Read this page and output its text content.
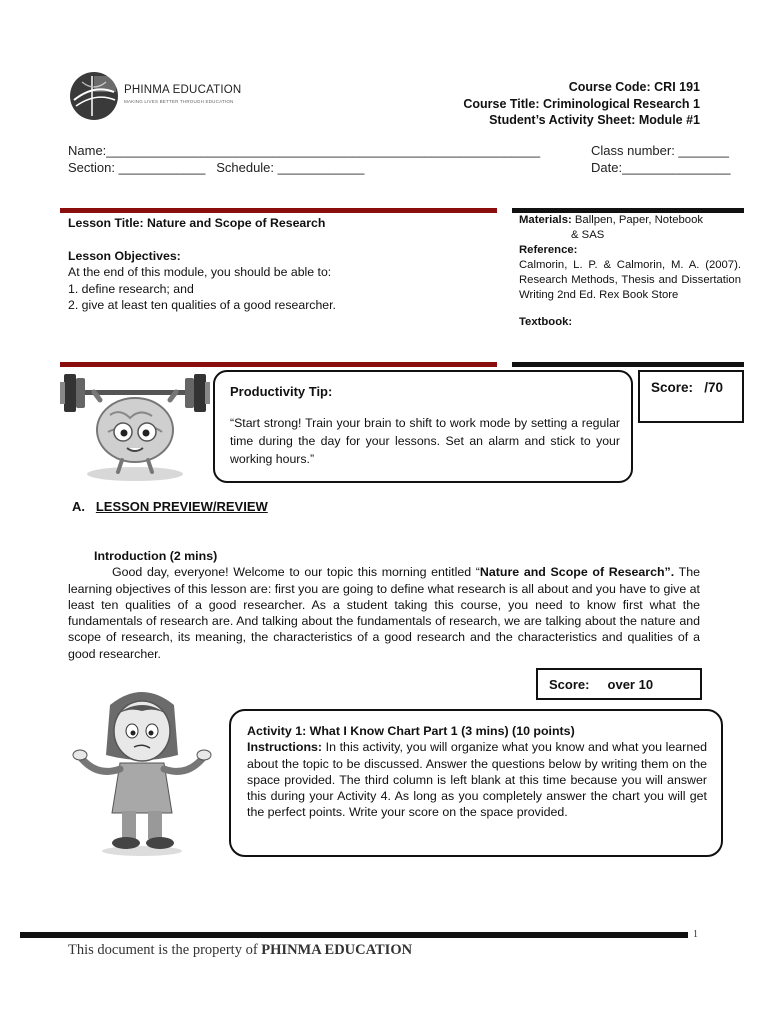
PHINMA EDUCATION
MAKING LIVES BETTER THROUGH EDUCATION
Course Code: CRI 191
Course Title: Criminological Research 1
Student’s Activity Sheet: Module #1
Name:____________________________________________________________	Class number: _______
Section: ____________ Schedule: ____________	Date:_______________
Lesson Title: Nature and Scope of Research
Lesson Objectives:
At the end of this module, you should be able to:
1. define research; and
2. give at least ten qualities of a good researcher.
Materials: Ballpen, Paper, Notebook
& SAS
Reference:
Calmorin, L. P. & Calmorin, M. A. (2007). Research Methods, Thesis and Dissertation Writing 2nd Ed. Rex Book Store
Textbook:
Productivity Tip:
“Start strong! Train your brain to shift to work mode by setting a regular time during the day for your lessons. Set an alarm and stick to your working hours.”
Score: /70
A. LESSON PREVIEW/REVIEW
Introduction (2 mins)
Good day, everyone! Welcome to our topic this morning entitled “Nature and Scope of Research”. The learning objectives of this lesson are: first you are going to define what research is all about and you have to give at least ten qualities of a good researcher. As a student taking this course, you need to know first what the fundamentals of research are. And talking about the fundamentals of research, we are talking about the nature and scope of research, its meaning, the characteristics of a good research and the characteristics and qualities of a good researcher.
Score: over 10
Activity 1: What I Know Chart Part 1 (3 mins) (10 points)
Instructions: In this activity, you will organize what you know and what you learned about the topic to be discussed. Answer the questions below by writing them on the space provided. The third column is left blank at this time because you will answer this during your Activity 4. As long as you completely answer the chart you will get the perfect points. Write your score on the space provided.
1
This document is the property of PHINMA EDUCATION
